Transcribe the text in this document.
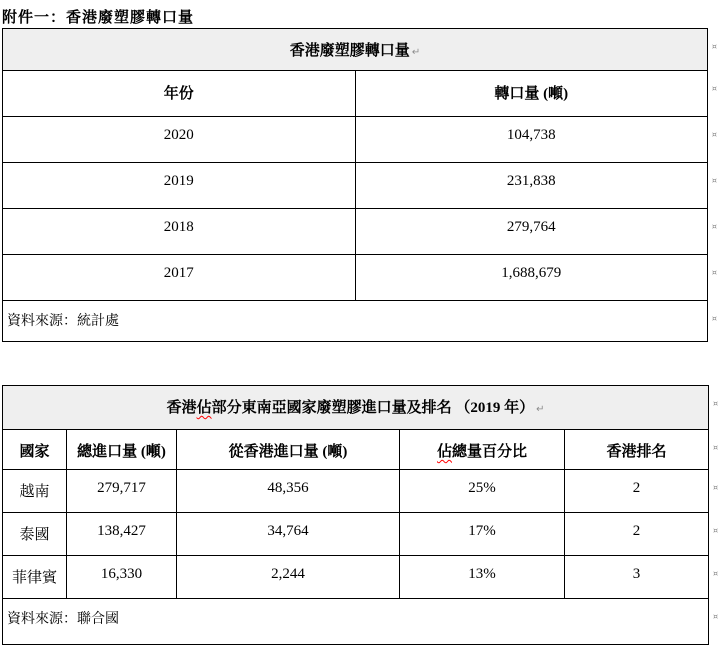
附件一：香港廢塑膠轉口量
香港廢塑膠轉口量 ↵
¤	

年份	轉口量 (噸) ¤

2020	104,738 ¤

2019	231,838 ¤

2018	279,764 ¤

2017	1,688,679 ¤

資料來源：統計處 ¤	
香港佔部分東南亞國家廢塑膠進口量及排名 （2019 年） ↵
¤				

國家	總進口量 (噸)	從香港進口量 (噸)	佔總量百分比	香港排名 ¤

越南	279,717	48,356	25%	2 ¤

泰國	138,427	34,764	17%	2 ¤

菲律賓	16,330	2,244	13%	3 ¤

資料來源：聯合國 ¤				
